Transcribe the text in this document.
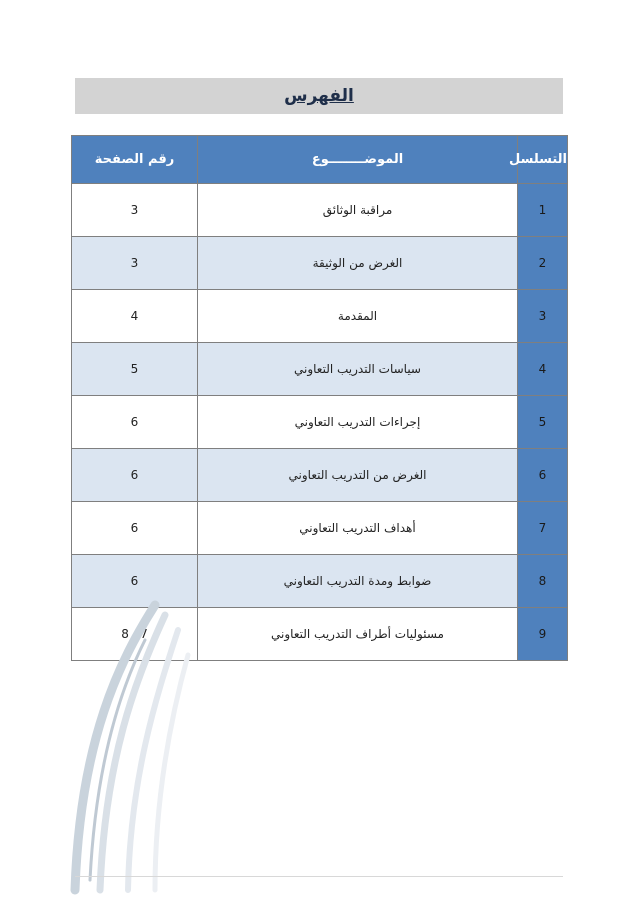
الفهرس
التسلسل	الموضــــــــوع	رقم الصفحة
1	مراقبة الوثائق	3
2	الغرض من الوثيقة	3
3	المقدمة	4
4	سياسات التدريب التعاوني	5
5	إجراءات التدريب التعاوني	6
6	الغرض من التدريب التعاوني	6
7	أهداف التدريب التعاوني	6
8	ضوابط ومدة التدريب التعاوني	6
9	مسئوليات أطراف التدريب التعاوني	7 ـ 8
